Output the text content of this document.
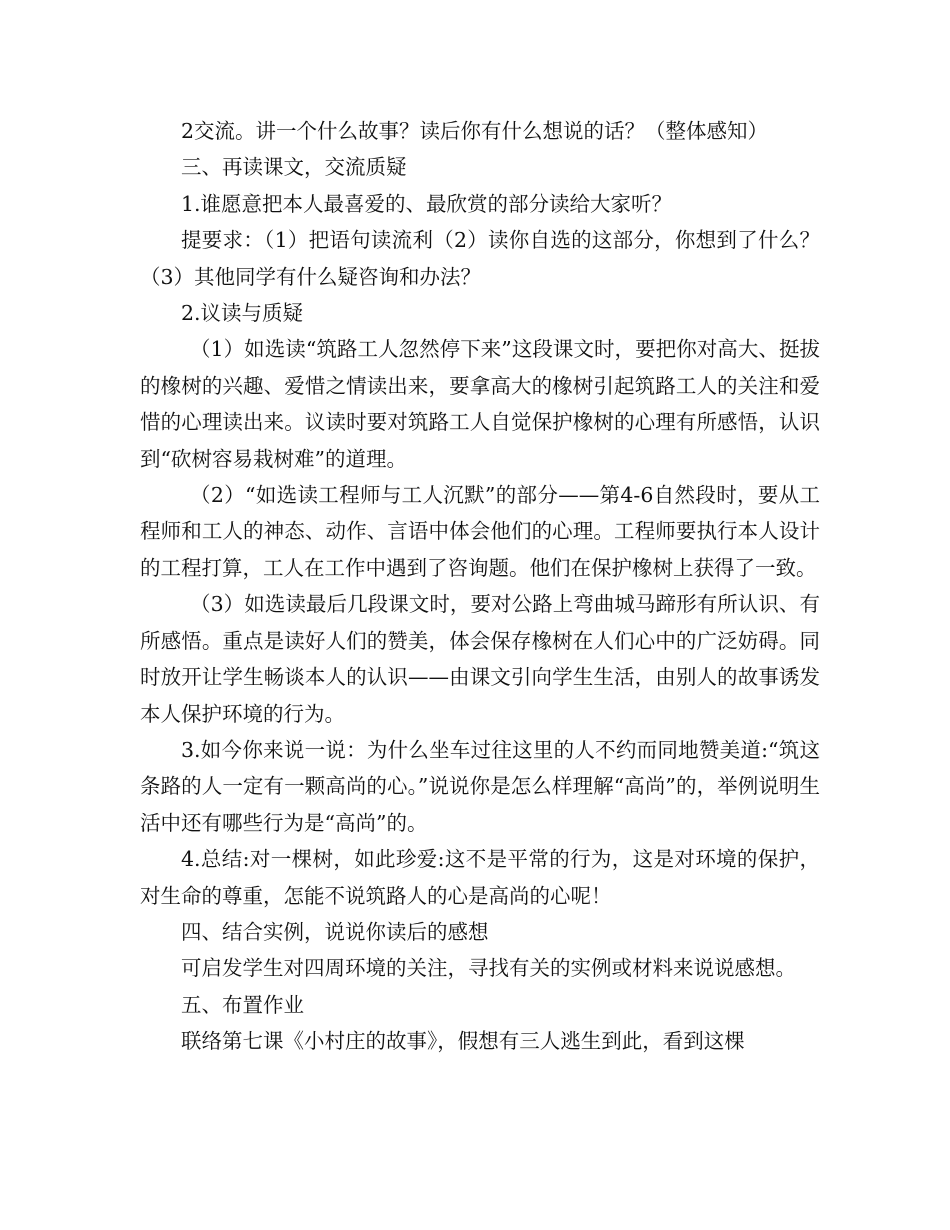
2交流。讲一个什么故事？读后你有什么想说的话？（整体感知）

三、再读课文，交流质疑

1.谁愿意把本人最喜爱的、最欣赏的部分读给大家听？

提要求：（1）把语句读流利（2）读你自选的这部分，你想到了什么？（3）其他同学有什么疑咨询和办法？

2.议读与质疑

（1）如选读“筑路工人忽然停下来”这段课文时，要把你对高大、挺拔的橡树的兴趣、爱惜之情读出来，要拿高大的橡树引起筑路工人的关注和爱惜的心理读出来。议读时要对筑路工人自觉保护橡树的心理有所感悟，认识到“砍树容易栽树难”的道理。

（2）“如选读工程师与工人沉默”的部分——第4-6自然段时，要从工程师和工人的神态、动作、言语中体会他们的心理。工程师要执行本人设计的工程打算，工人在工作中遇到了咨询题。他们在保护橡树上获得了一致。

（3）如选读最后几段课文时，要对公路上弯曲城马蹄形有所认识、有所感悟。重点是读好人们的赞美，体会保存橡树在人们心中的广泛妨碍。同时放开让学生畅谈本人的认识——由课文引向学生生活，由别人的故事诱发本人保护环境的行为。

3.如今你来说一说：为什么坐车过往这里的人不约而同地赞美道:“筑这条路的人一定有一颗高尚的心。”说说你是怎么样理解“高尚”的，举例说明生活中还有哪些行为是“高尚”的。

4.总结:对一棵树，如此珍爱:这不是平常的行为，这是对环境的保护，对生命的尊重，怎能不说筑路人的心是高尚的心呢！

四、结合实例，说说你读后的感想

可启发学生对四周环境的关注，寻找有关的实例或材料来说说感想。

五、布置作业

联络第七课《小村庄的故事》，假想有三人逃生到此，看到这棵
